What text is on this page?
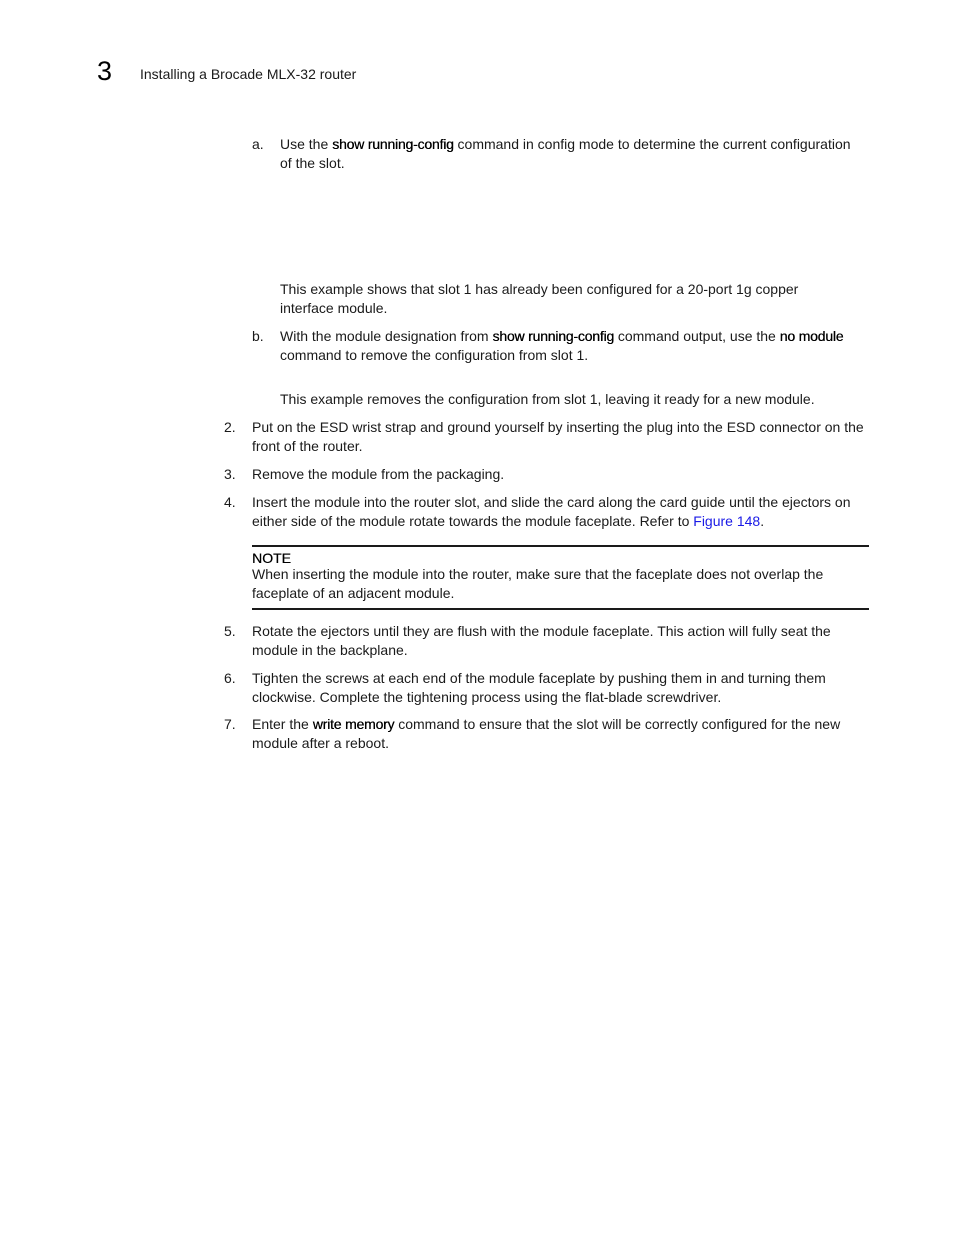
3 Installing a Brocade MLX-32 router
a. Use the show running-config command in config mode to determine the current configuration of the slot.
This example shows that slot 1 has already been configured for a 20-port 1g copper interface module.
b. With the module designation from show running-config command output, use the no module command to remove the configuration from slot 1.
This example removes the configuration from slot 1, leaving it ready for a new module.
2. Put on the ESD wrist strap and ground yourself by inserting the plug into the ESD connector on the front of the router.
3. Remove the module from the packaging.
4. Insert the module into the router slot, and slide the card along the card guide until the ejectors on either side of the module rotate towards the module faceplate. Refer to Figure 148.
NOTE
When inserting the module into the router, make sure that the faceplate does not overlap the faceplate of an adjacent module.
5. Rotate the ejectors until they are flush with the module faceplate. This action will fully seat the module in the backplane.
6. Tighten the screws at each end of the module faceplate by pushing them in and turning them clockwise. Complete the tightening process using the flat-blade screwdriver.
7. Enter the write memory command to ensure that the slot will be correctly configured for the new module after a reboot.
